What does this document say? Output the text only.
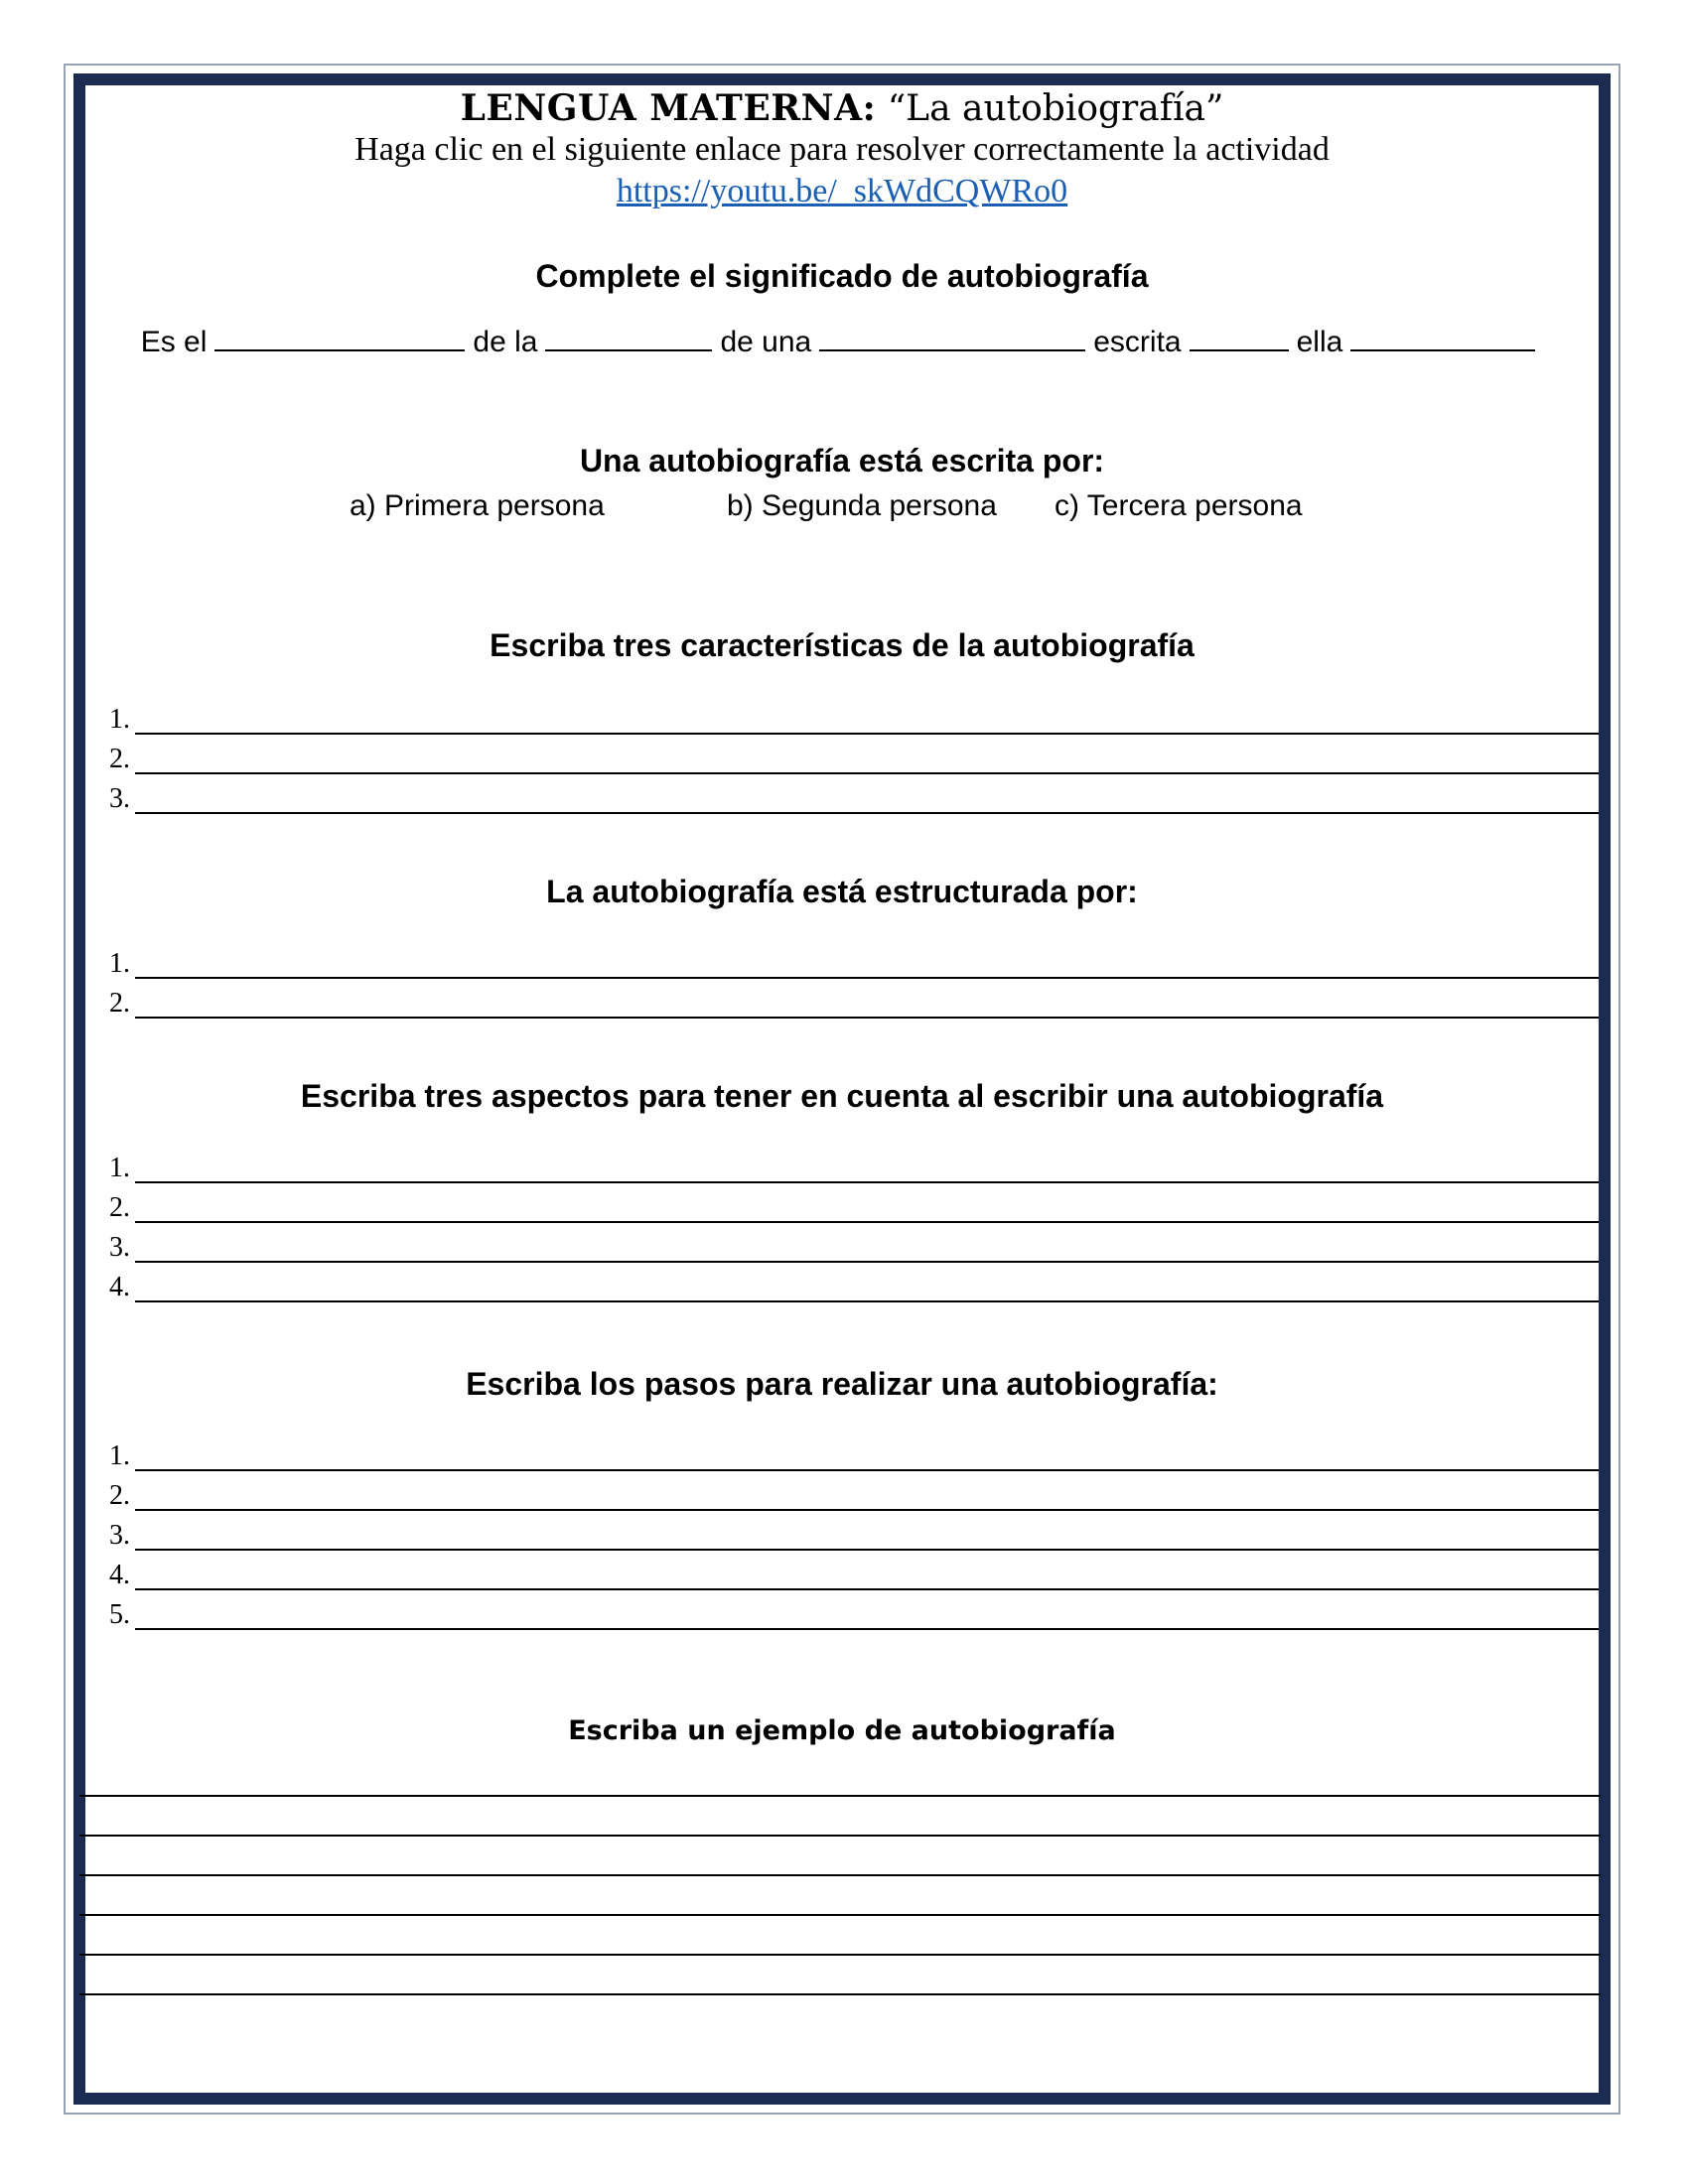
LENGUA MATERNA: “La autobiografía”
Haga clic en el siguiente enlace para resolver correctamente la actividad
https://youtu.be/_skWdCQWRo0
Complete el significado de autobiografía
Es el	de la	de una	escrita	ella
Una autobiografía está escrita por:
a) Primera persona	b) Segunda persona c) Tercera persona
Escriba tres características de la autobiografía
1.
2.
3.
La autobiografía está estructurada por:
1.
2.
Escriba tres aspectos para tener en cuenta al escribir una autobiografía
1.
2.
3.
4.
Escriba los pasos para realizar una autobiografía:
1.
2.
3.
4.
5.
Escriba un ejemplo de autobiografía
